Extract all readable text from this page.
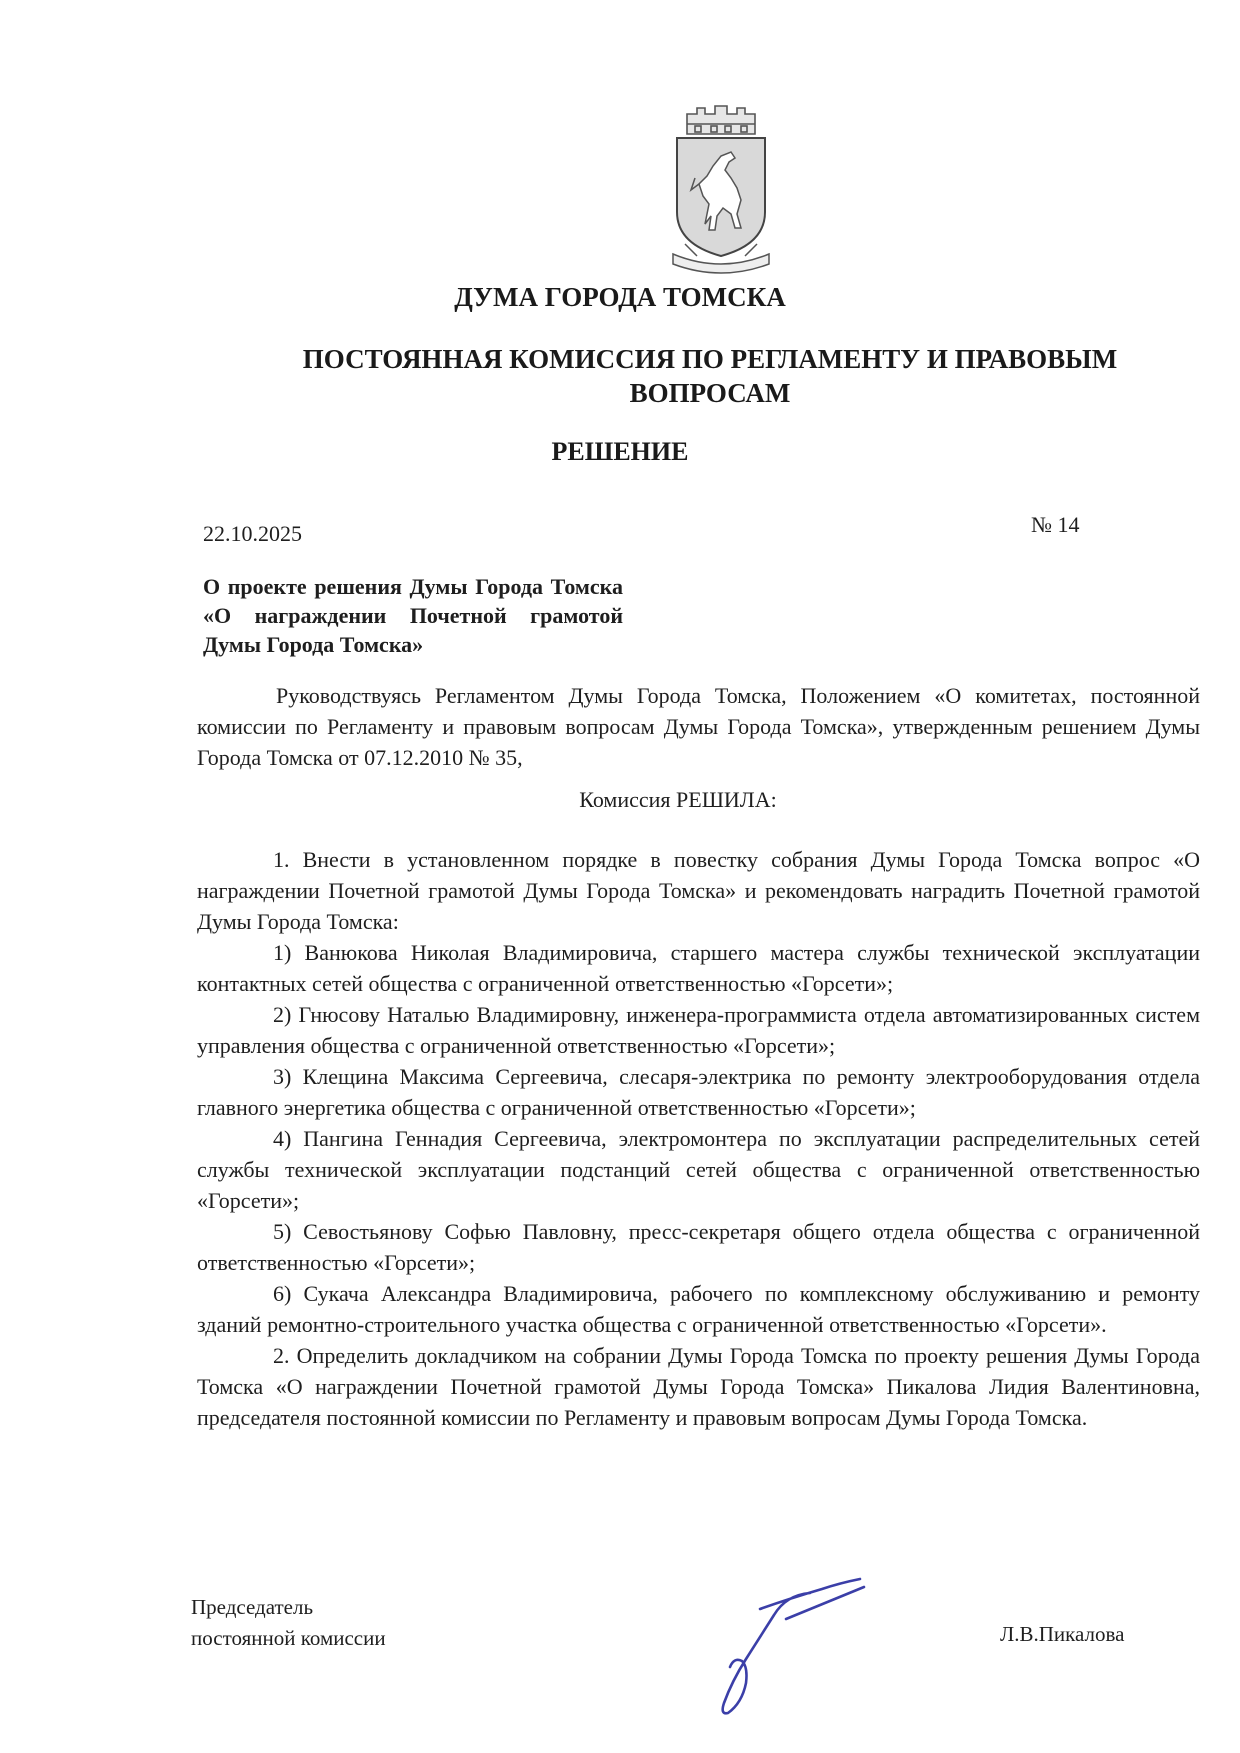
ДУМА ГОРОДА ТОМСКА
ПОСТОЯННАЯ КОМИССИЯ ПО РЕГЛАМЕНТУ И ПРАВОВЫМ ВОПРОСАМ
РЕШЕНИЕ
22.10.2025	№ 14
О проекте решения Думы Города Томска «О награждении Почетной грамотой Думы Города Томска»
Руководствуясь Регламентом Думы Города Томска, Положением «О комитетах, постоянной комиссии по Регламенту и правовым вопросам Думы Города Томска», утвержденным решением Думы Города Томска от 07.12.2010 № 35,
Комиссия РЕШИЛА:
1. Внести в установленном порядке в повестку собрания Думы Города Томска вопрос «О награждении Почетной грамотой Думы Города Томска» и рекомендовать наградить Почетной грамотой Думы Города Томска:
1) Ванюкова Николая Владимировича, старшего мастера службы технической эксплуатации контактных сетей общества с ограниченной ответственностью «Горсети»;
2) Гнюсову Наталью Владимировну, инженера-программиста отдела автоматизированных систем управления общества с ограниченной ответственностью «Горсети»;
3) Клещина Максима Сергеевича, слесаря-электрика по ремонту электрооборудования отдела главного энергетика общества с ограниченной ответственностью «Горсети»;
4) Пангина Геннадия Сергеевича, электромонтера по эксплуатации распределительных сетей службы технической эксплуатации подстанций сетей общества с ограниченной ответственностью «Горсети»;
5) Севостьянову Софью Павловну, пресс-секретаря общего отдела общества с ограниченной ответственностью «Горсети»;
6) Сукача Александра Владимировича, рабочего по комплексному обслуживанию и ремонту зданий ремонтно-строительного участка общества с ограниченной ответственностью «Горсети».
2. Определить докладчиком на собрании Думы Города Томска по проекту решения Думы Города Томска «О награждении Почетной грамотой Думы Города Томска» Пикалова Лидия Валентиновна, председателя постоянной комиссии по Регламенту и правовым вопросам Думы Города Томска.
Председатель
постоянной комиссии	Л.В.Пикалова
